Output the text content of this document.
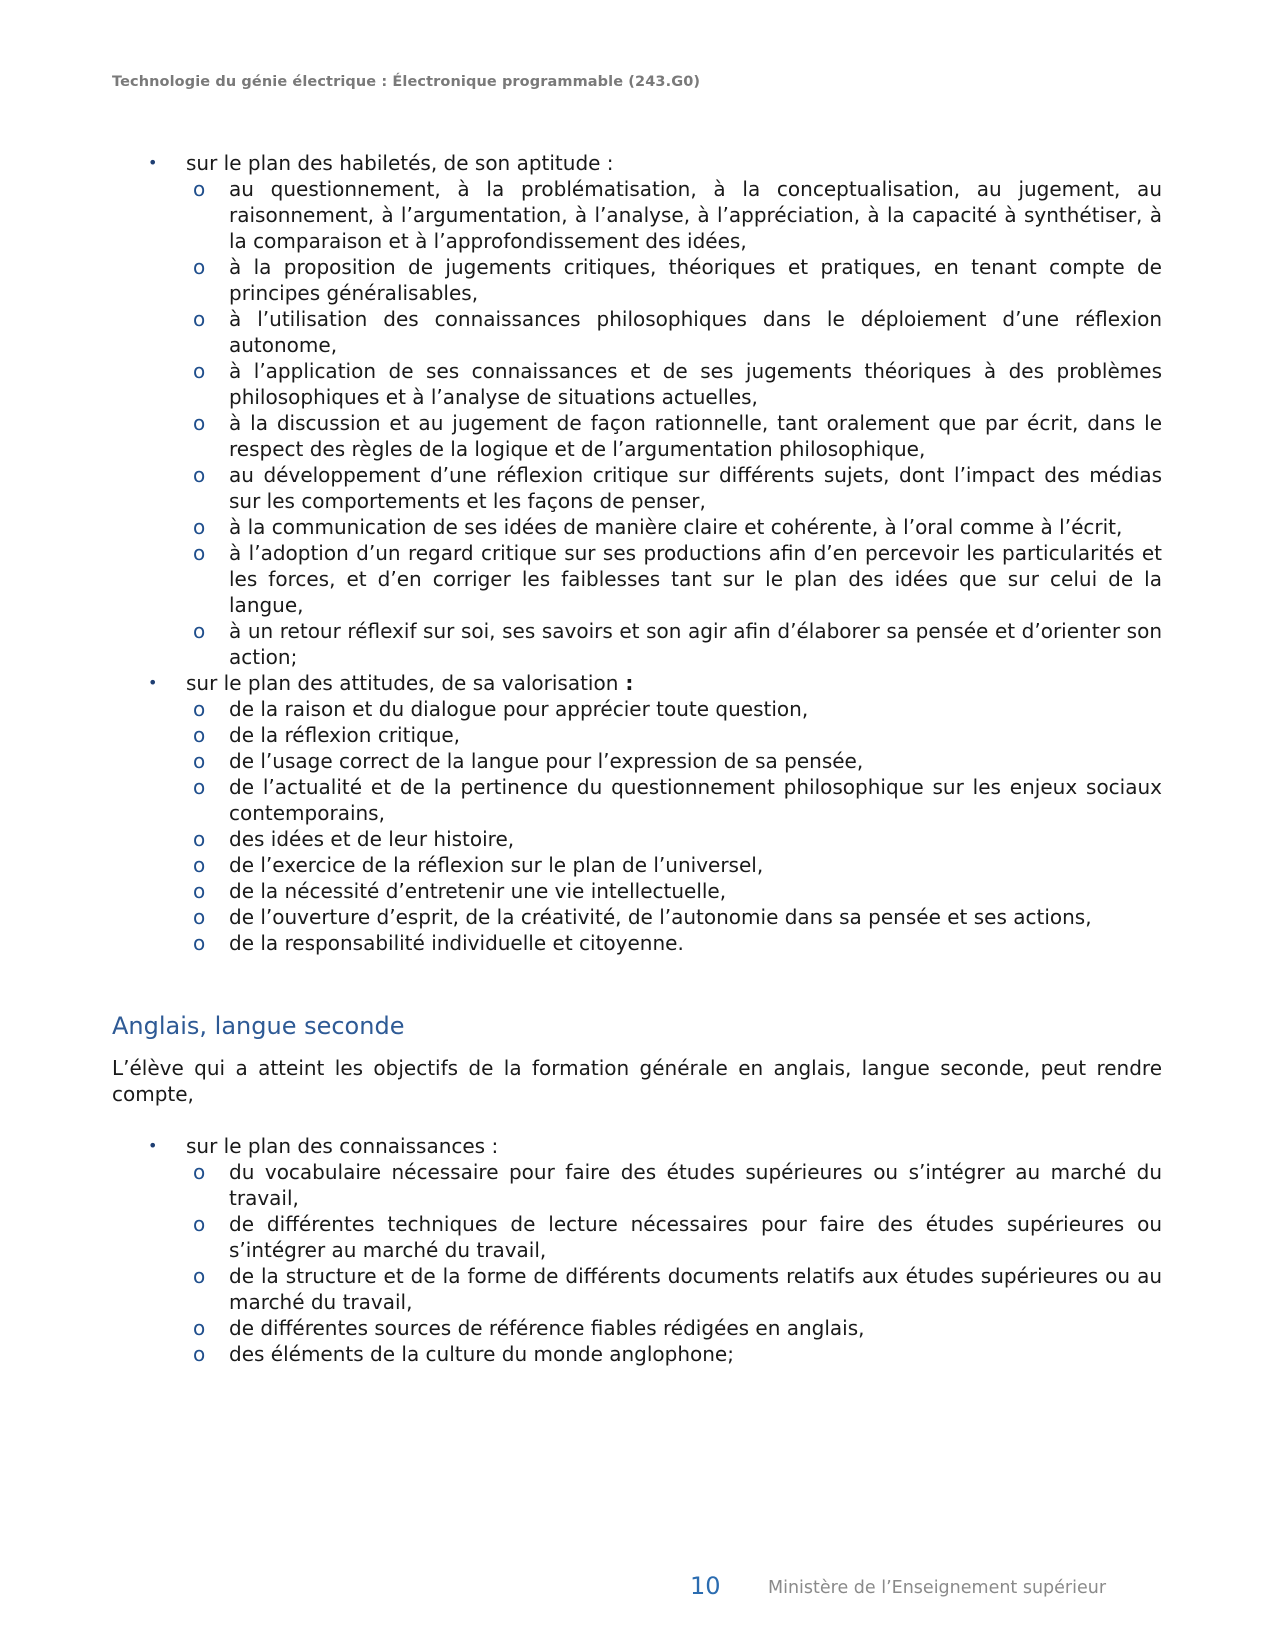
Technologie du génie électrique : Électronique programmable (243.G0)
• sur le plan des habiletés, de son aptitude :
o au questionnement, à la problématisation, à la conceptualisation, au jugement, au raisonnement, à l’argumentation, à l’analyse, à l’appréciation, à la capacité à synthétiser, à la comparaison et à l’approfondissement des idées,
o à la proposition de jugements critiques, théoriques et pratiques, en tenant compte de principes généralisables,
o à l’utilisation des connaissances philosophiques dans le déploiement d’une réflexion autonome,
o à l’application de ses connaissances et de ses jugements théoriques à des problèmes philosophiques et à l’analyse de situations actuelles,
o à la discussion et au jugement de façon rationnelle, tant oralement que par écrit, dans le respect des règles de la logique et de l’argumentation philosophique,
o au développement d’une réflexion critique sur différents sujets, dont l’impact des médias sur les comportements et les façons de penser,
o à la communication de ses idées de manière claire et cohérente, à l’oral comme à l’écrit,
o à l’adoption d’un regard critique sur ses productions afin d’en percevoir les particularités et les forces, et d’en corriger les faiblesses tant sur le plan des idées que sur celui de la langue,
o à un retour réflexif sur soi, ses savoirs et son agir afin d’élaborer sa pensée et d’orienter son action;
• sur le plan des attitudes, de sa valorisation :
o de la raison et du dialogue pour apprécier toute question,
o de la réflexion critique,
o de l’usage correct de la langue pour l’expression de sa pensée,
o de l’actualité et de la pertinence du questionnement philosophique sur les enjeux sociaux contemporains,
o des idées et de leur histoire,
o de l’exercice de la réflexion sur le plan de l’universel,
o de la nécessité d’entretenir une vie intellectuelle,
o de l’ouverture d’esprit, de la créativité, de l’autonomie dans sa pensée et ses actions,
o de la responsabilité individuelle et citoyenne.
Anglais, langue seconde

L’élève qui a atteint les objectifs de la formation générale en anglais, langue seconde, peut rendre compte,

• sur le plan des connaissances :
o du vocabulaire nécessaire pour faire des études supérieures ou s’intégrer au marché du travail,
o de différentes techniques de lecture nécessaires pour faire des études supérieures ou s’intégrer au marché du travail,
o de la structure et de la forme de différents documents relatifs aux études supérieures ou au marché du travail,
o de différentes sources de référence fiables rédigées en anglais,
o des éléments de la culture du monde anglophone;
10	Ministère de l’Enseignement supérieur
